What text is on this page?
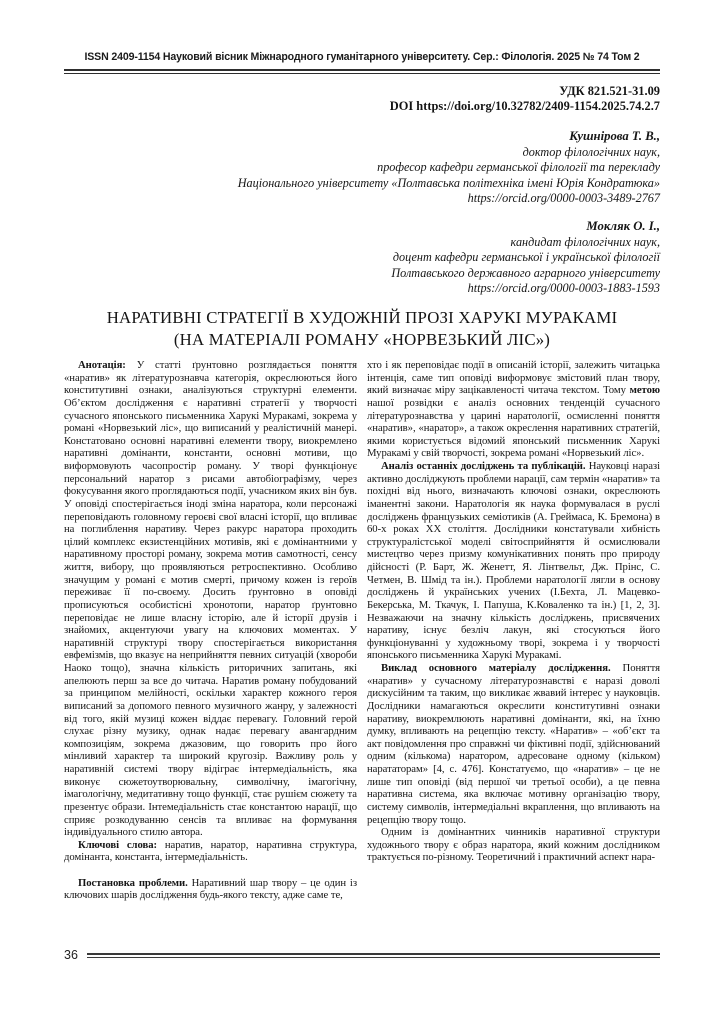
ISSN 2409-1154 Науковий вісник Міжнародного гуманітарного університету. Сер.: Філологія. 2025 № 74 Том 2
УДК 821.521-31.09
DOI https://doi.org/10.32782/2409-1154.2025.74.2.7
Кушнірова Т. В.,
доктор філологічних наук,
професор кафедри германської філології та перекладу
Національного університету «Полтавська політехніка імені Юрія Кондратюка»
https://orcid.org/0000-0003-3489-2767
Мокляк О. І.,
кандидат філологічних наук,
доцент кафедри германської і української філології
Полтавського державного аграрного університету
https://orcid.org/0000-0003-1883-1593
НАРАТИВНІ СТРАТЕГІЇ В ХУДОЖНІЙ ПРОЗІ ХАРУКІ МУРАКАМІ
(НА МАТЕРІАЛІ РОМАНУ «НОРВЕЗЬКИЙ ЛІС»)

Анотація: У статті ґрунтовно розглядається поняття «наратив» як літературознавча категорія, окреслюються його конститутивні ознаки, аналізуються структурні елементи. Об’єктом дослідження є наративні стратегії у творчості сучасного японського письменника Харукі Муракамі, зокрема у романі «Норвезький ліс», що виписаний у реалістичній манері. Констатовано основні наративні елементи твору, виокремлено наративні домінанти, константи, основні мотиви, що виформовують часопростір роману. У творі функціонує персональний наратор з рисами автобіографізму, через фокусування якого проглядаються події, учасником яких він був. У оповіді спостерігається іноді зміна наратора, коли персонажі переповідають головному героєві свої власні історії, що впливає на поглиблення наративу. Через ракурс наратора проходить цілий комплекс екзистенційних мотивів, які є домінантними у наративному просторі роману, зокрема мотив самотності, сенсу життя, вибору, що проявляються ретроспективно. Особливо значущим у романі є мотив смерті, причому кожен із героїв переживає її по-своєму. Досить ґрунтовно в оповіді прописуються особистісні хронотопи, наратор ґрунтовно переповідає не лише власну історію, але й історії друзів і знайомих, акцентуючи увагу на ключових моментах. У наративній структурі твору спостерігається використання евфемізмів, що вказує на неприйняття певних ситуацій (хвороби Наоко тощо), значна кількість риторичних запитань, які апелюють перш за все до читача. Наратив роману побудований за принципом мелійності, оскільки характер кожного героя виписаний за допомого певного музичного жанру, у залежності від того, якій музиці кожен віддає перевагу. Головний герой слухає різну музику, однак надає перевагу авангардним композиціям, зокрема джазовим, що говорить про його мінливий характер та широкий кругозір. Важливу роль у наративній системі твору відіграє інтермедіальність, яка виконує сюжетоутворювальну, символічну, імагогічну, імагологічну, медитативну тощо функції, стає рушієм сюжету та презентує образи. Інтемедіальність стає константою нарації, що сприяє розкодуванню сенсів та впливає на формування індивідуального стилю автора.

Ключові слова: наратив, наратор, наративна структура, домінанта, константа, інтермедіальність.

Постановка проблеми. Наративний шар твору – це один із ключових шарів дослідження будь-якого тексту, адже саме те,

хто і як переповідає події в описаній історії, залежить читацька інтенція, саме тип оповіді виформовує змістовий план твору, який визначає міру зацікавленості читача текстом. Тому метою нашої розвідки є аналіз основних тенденцій сучасного літературознавства у царині наратології, осмисленні поняття «наратив», «наратор», а також окреслення наративних стратегій, якими користується відомий японський письменник Харукі Муракамі у свій творчості, зокрема романі «Норвезький ліс».

Аналіз останніх досліджень та публікацій. Науковці наразі активно досліджують проблеми нарації, сам термін «наратив» та похідні від нього, визначають ключові ознаки, окреслюють іманентні закони. Наратологія як наука формувалася в руслі досліджень французьких семіотиків (А. Греймаса, К. Бремона) в 60-х роках ХХ століття. Дослідники констатували хибність структуралістської моделі світосприйняття й осмислювали мистецтво через призму комунікативних понять про природу дійсності (Р. Барт, Ж. Женетт, Я. Лінтвельт, Дж. Прінс, С. Четмен, В. Шмід та ін.). Проблеми наратології лягли в основу досліджень й українських учених (І.Бехта, Л. Мацевко-Бекерська, М. Ткачук, І. Папуша, К.Коваленко та ін.) [1, 2, 3]. Незважаючи на значну кількість досліджень, присвячених наративу, існує безліч лакун, які стосуються його функціонуванні у художньому творі, зокрема і у творчості японського письменника Харукі Муракамі.

Виклад основного матеріалу дослідження. Поняття «наратив» у сучасному літературознавстві є наразі доволі дискусійним та таким, що викликає жвавий інтерес у науковців. Дослідники намагаються окреслити конститутивні ознаки наративу, виокремлюють наративні домінанти, які, на їхню думку, впливають на рецепцію тексту. «Наратив» – «об’єкт та акт повідомлення про справжні чи фіктивні події, здійснюваний одним (кількома) наратором, адресоване одному (кільком) нарататорам» [4, с. 476]. Констатуємо, що «наратив» – це не лише тип оповіді (від першої чи третьої особи), а це певна наративна система, яка включає мотивну організацію твору, систему символів, інтермедіальні вкраплення, що впливають на рецепцію твору тощо.

Одним із домінантних чинників наративної структури художнього твору є образ наратора, який кожним дослідником трактується по-різному. Теоретичний і практичний аспект нара-

36
